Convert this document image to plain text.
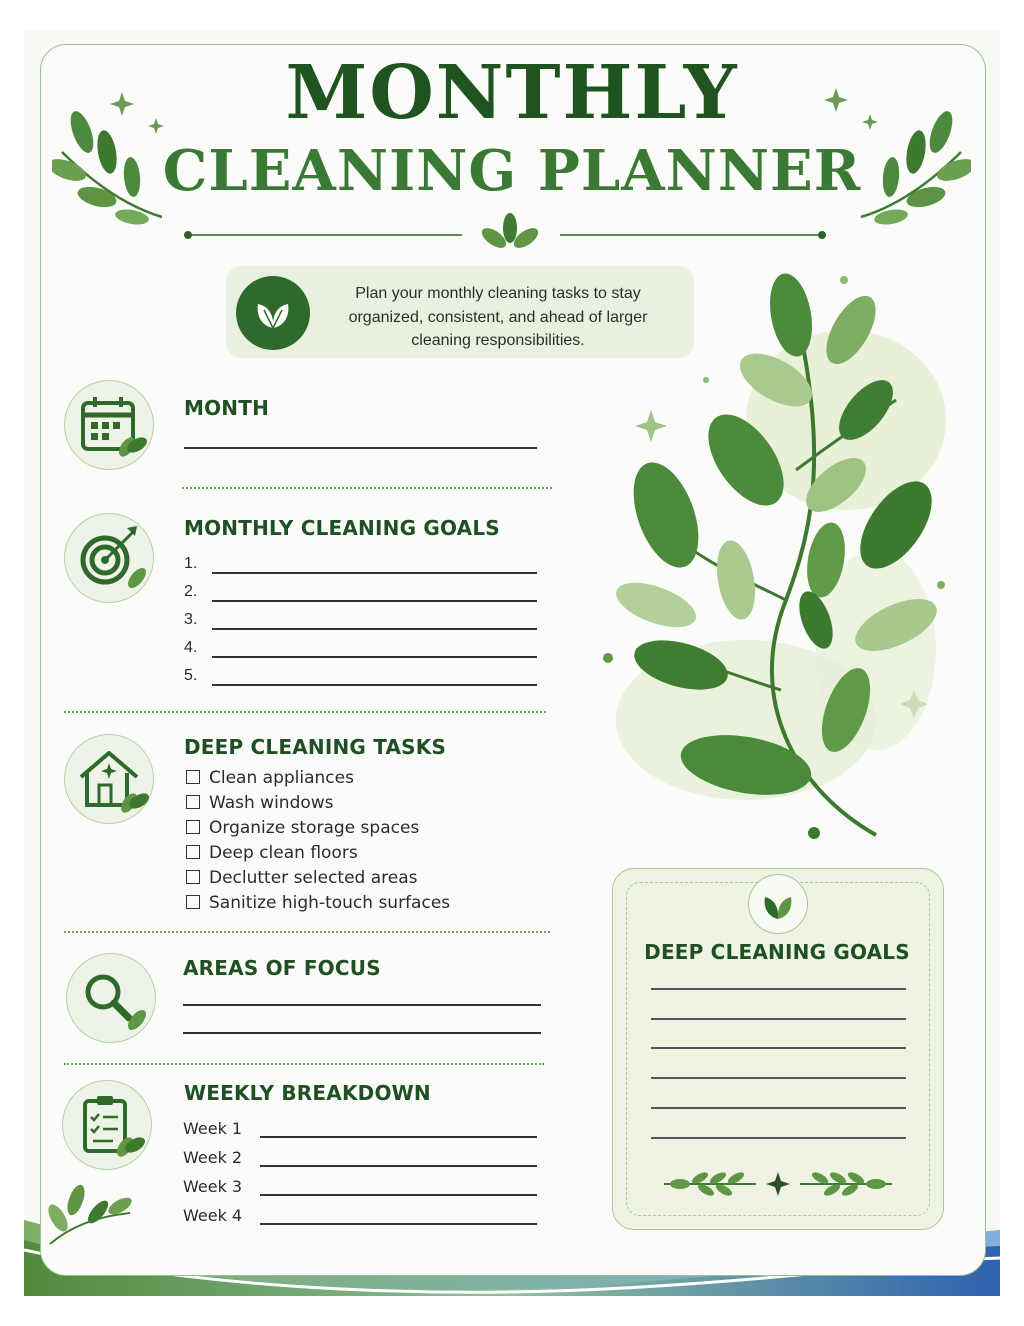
MONTHLY
CLEANING PLANNER
Plan your monthly cleaning tasks to stay organized, consistent, and ahead of larger cleaning responsibilities.
MONTH
MONTHLY CLEANING GOALS
1.
2.
3.
4.
5.
DEEP CLEANING TASKS
Clean appliances
Wash windows
Organize storage spaces
Deep clean floors
Declutter selected areas
Sanitize high-touch surfaces
AREAS OF FOCUS
WEEKLY BREAKDOWN
Week 1
Week 2
Week 3
Week 4
DEEP CLEANING GOALS
